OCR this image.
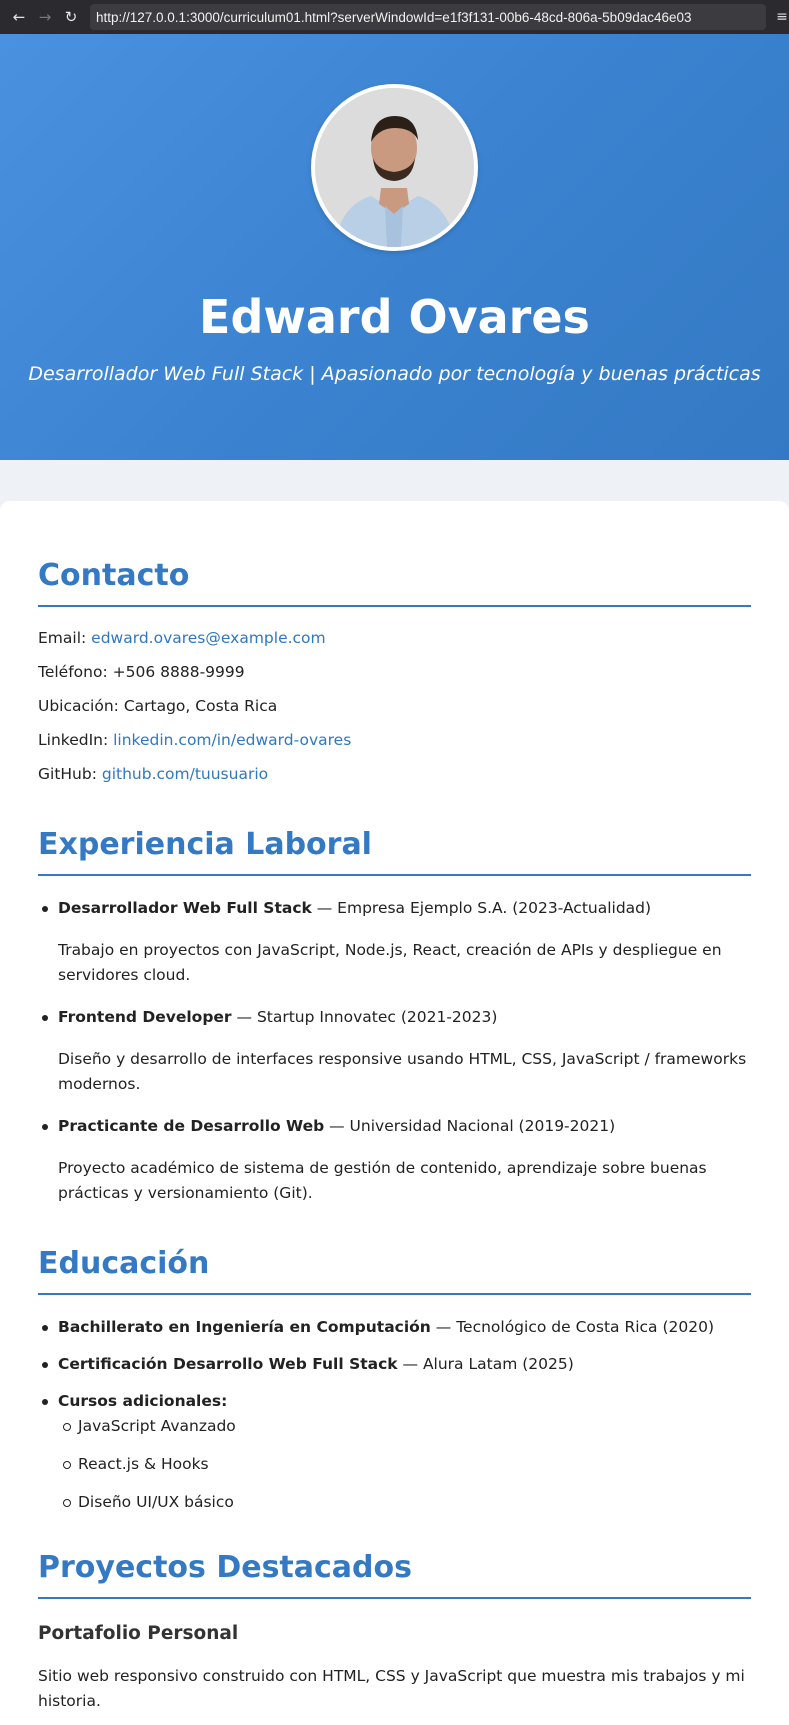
← → ↻	http://127.0.0.1:3000/curriculum01.html?serverWindowId=e1f3f131-00b6-48cd-806a-5b09dac46e03	≡
Edward Ovares

Desarrollador Web Full Stack | Apasionado por tecnología y buenas prácticas

Contacto
Email: edward.ovares@example.com
Teléfono: +506 8888-9999
Ubicación: Cartago, Costa Rica
LinkedIn: linkedin.com/in/edward-ovares
GitHub: github.com/tuusuario
Experiencia Laboral
Desarrollador Web Full Stack — Empresa Ejemplo S.A. (2023-Actualidad)

Trabajo en proyectos con JavaScript, Node.js, React, creación de APIs y despliegue en servidores cloud.

Frontend Developer — Startup Innovatec (2021-2023)

Diseño y desarrollo de interfaces responsive usando HTML, CSS, JavaScript / frameworks modernos.

Practicante de Desarrollo Web — Universidad Nacional (2019-2021)

Proyecto académico de sistema de gestión de contenido, aprendizaje sobre buenas prácticas y versionamiento (Git).

Educación
Bachillerato en Ingeniería en Computación — Tecnológico de Costa Rica (2020)
Certificación Desarrollo Web Full Stack — Alura Latam (2025)
Cursos adicionales:
JavaScript Avanzado
React.js & Hooks
Diseño UI/UX básico
Proyectos Destacados
Portafolio Personal

Sitio web responsivo construido con HTML, CSS y JavaScript que muestra mis trabajos y mi historia.
